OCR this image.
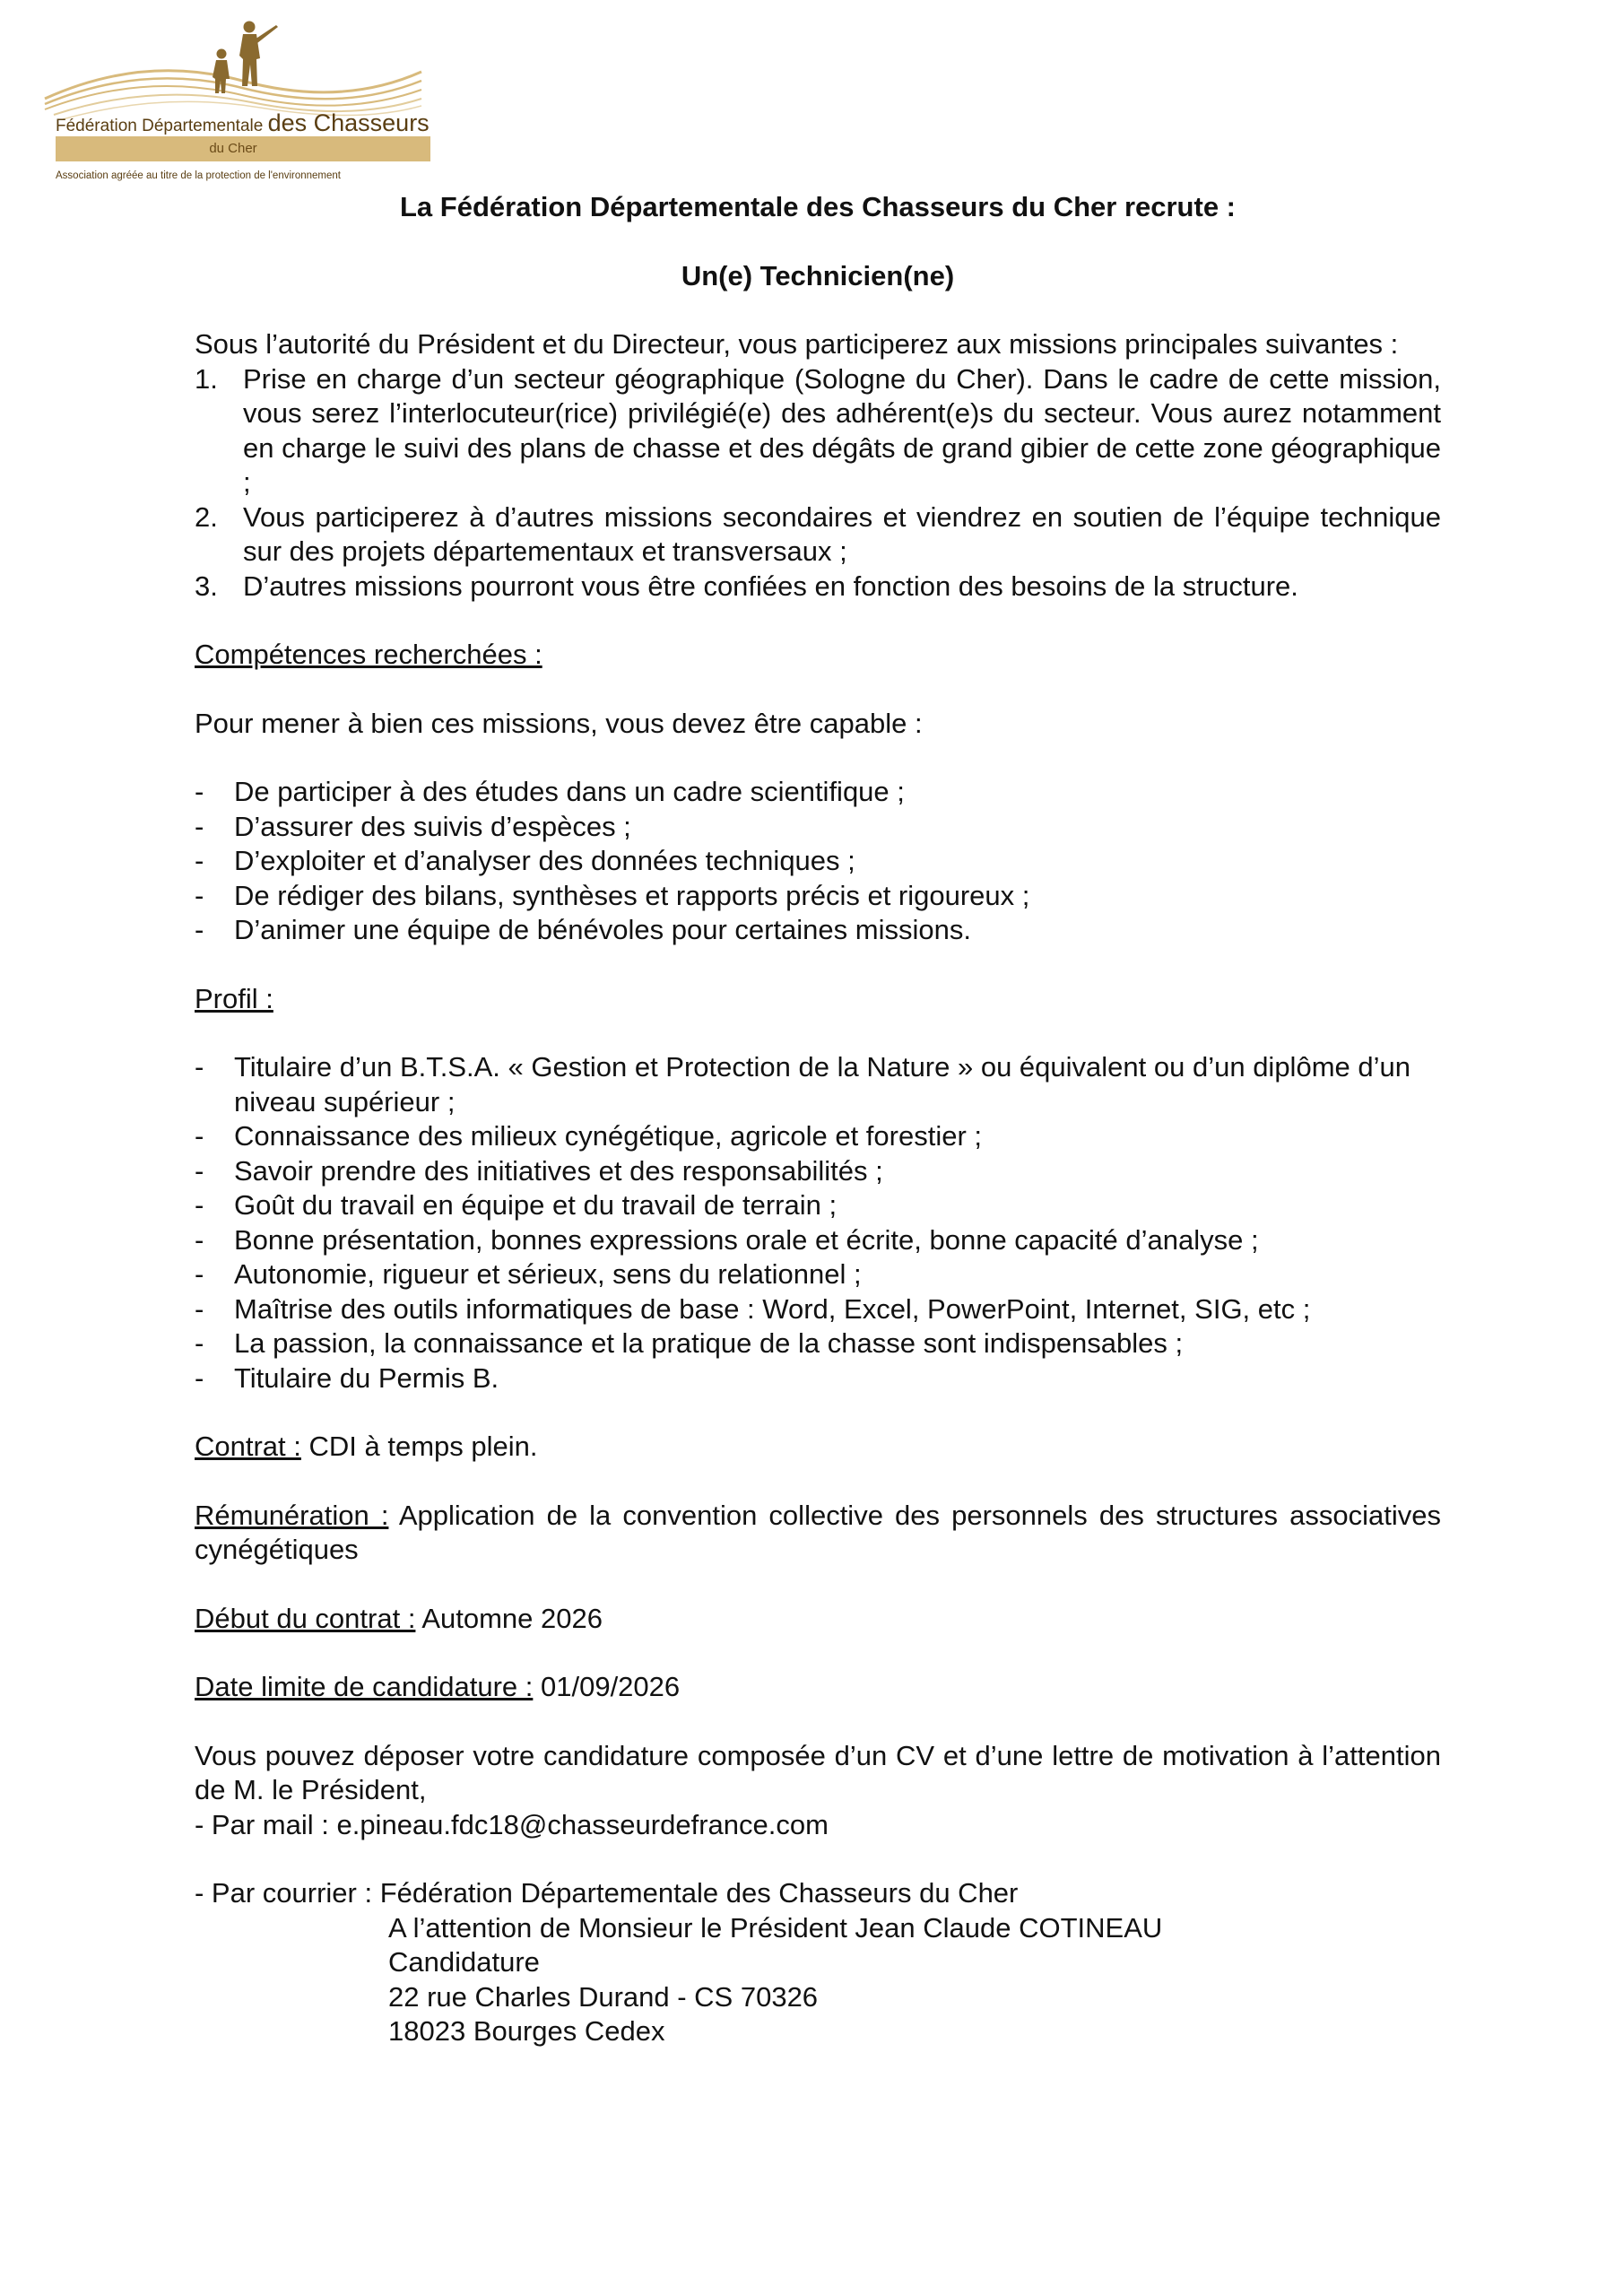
Fédération Départementale des Chasseurs
du Cher
Association agréée au titre de la protection de l'environnement

La Fédération Départementale des Chasseurs du Cher recrute :

Un(e) Technicien(ne)

Sous l’autorité du Président et du Directeur, vous participerez aux missions principales suivantes :
1. Prise en charge d’un secteur géographique (Sologne du Cher). Dans le cadre de cette mission, vous serez l’interlocuteur(rice) privilégié(e) des adhérent(e)s du secteur. Vous aurez notamment en charge le suivi des plans de chasse et des dégâts de grand gibier de cette zone géographique ;
2. Vous participerez à d’autres missions secondaires et viendrez en soutien de l’équipe technique sur des projets départementaux et transversaux ;
3. D’autres missions pourront vous être confiées en fonction des besoins de la structure.
Compétences recherchées :
Pour mener à bien ces missions, vous devez être capable :
- De participer à des études dans un cadre scientifique ;
- D’assurer des suivis d’espèces ;
- D’exploiter et d’analyser des données techniques ;
- De rédiger des bilans, synthèses et rapports précis et rigoureux ;
- D’animer une équipe de bénévoles pour certaines missions.
Profil :
- Titulaire d’un B.T.S.A. « Gestion et Protection de la Nature » ou équivalent ou d’un diplôme d’un niveau supérieur ;
- Connaissance des milieux cynégétique, agricole et forestier ;
- Savoir prendre des initiatives et des responsabilités ;
- Goût du travail en équipe et du travail de terrain ;
- Bonne présentation, bonnes expressions orale et écrite, bonne capacité d’analyse ;
- Autonomie, rigueur et sérieux, sens du relationnel ;
- Maîtrise des outils informatiques de base : Word, Excel, PowerPoint, Internet, SIG, etc ;
- La passion, la connaissance et la pratique de la chasse sont indispensables ;
- Titulaire du Permis B.
Contrat : CDI à temps plein.
Rémunération : Application de la convention collective des personnels des structures associatives cynégétiques
Début du contrat : Automne 2026
Date limite de candidature : 01/09/2026
Vous pouvez déposer votre candidature composée d’un CV et d’une lettre de motivation à l’attention de M. le Président,
- Par mail : e.pineau.fdc18@chasseurdefrance.com
- Par courrier : Fédération Départementale des Chasseurs du Cher
A l’attention de Monsieur le Président Jean Claude COTINEAU
Candidature
22 rue Charles Durand - CS 70326
18023 Bourges Cedex
